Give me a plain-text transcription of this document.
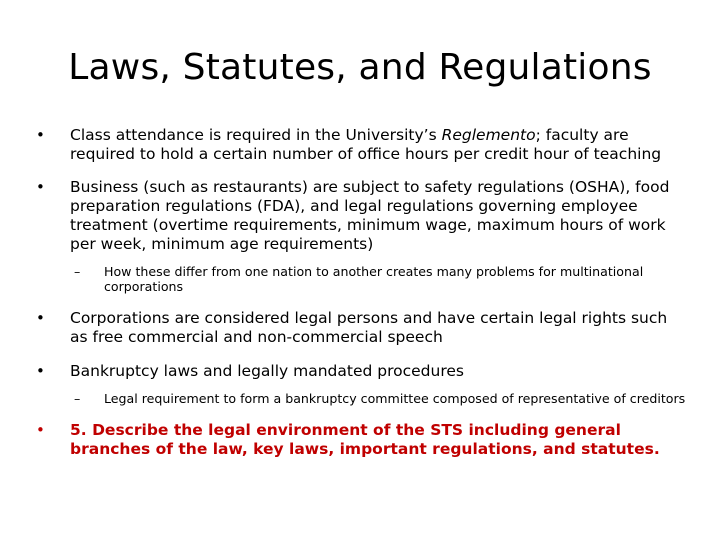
Laws, Statutes, and Regulations
•	Class attendance is required in the University’s Reglemento; faculty are required to hold a certain number of office hours per credit hour of teaching
•	Business (such as restaurants) are subject to safety regulations (OSHA), food preparation regulations (FDA), and legal regulations governing employee treatment (overtime requirements, minimum wage, maximum hours of work per week, minimum age requirements)
–	How these differ from one nation to another creates many problems for multinational corporations
•	Corporations are considered legal persons and have certain legal rights such as free commercial and non-commercial speech
•	Bankruptcy laws and legally mandated procedures
–	Legal requirement to form a bankruptcy committee composed of representative of creditors
•	5. Describe the legal environment of the STS including general branches of the law, key laws, important regulations, and statutes.
